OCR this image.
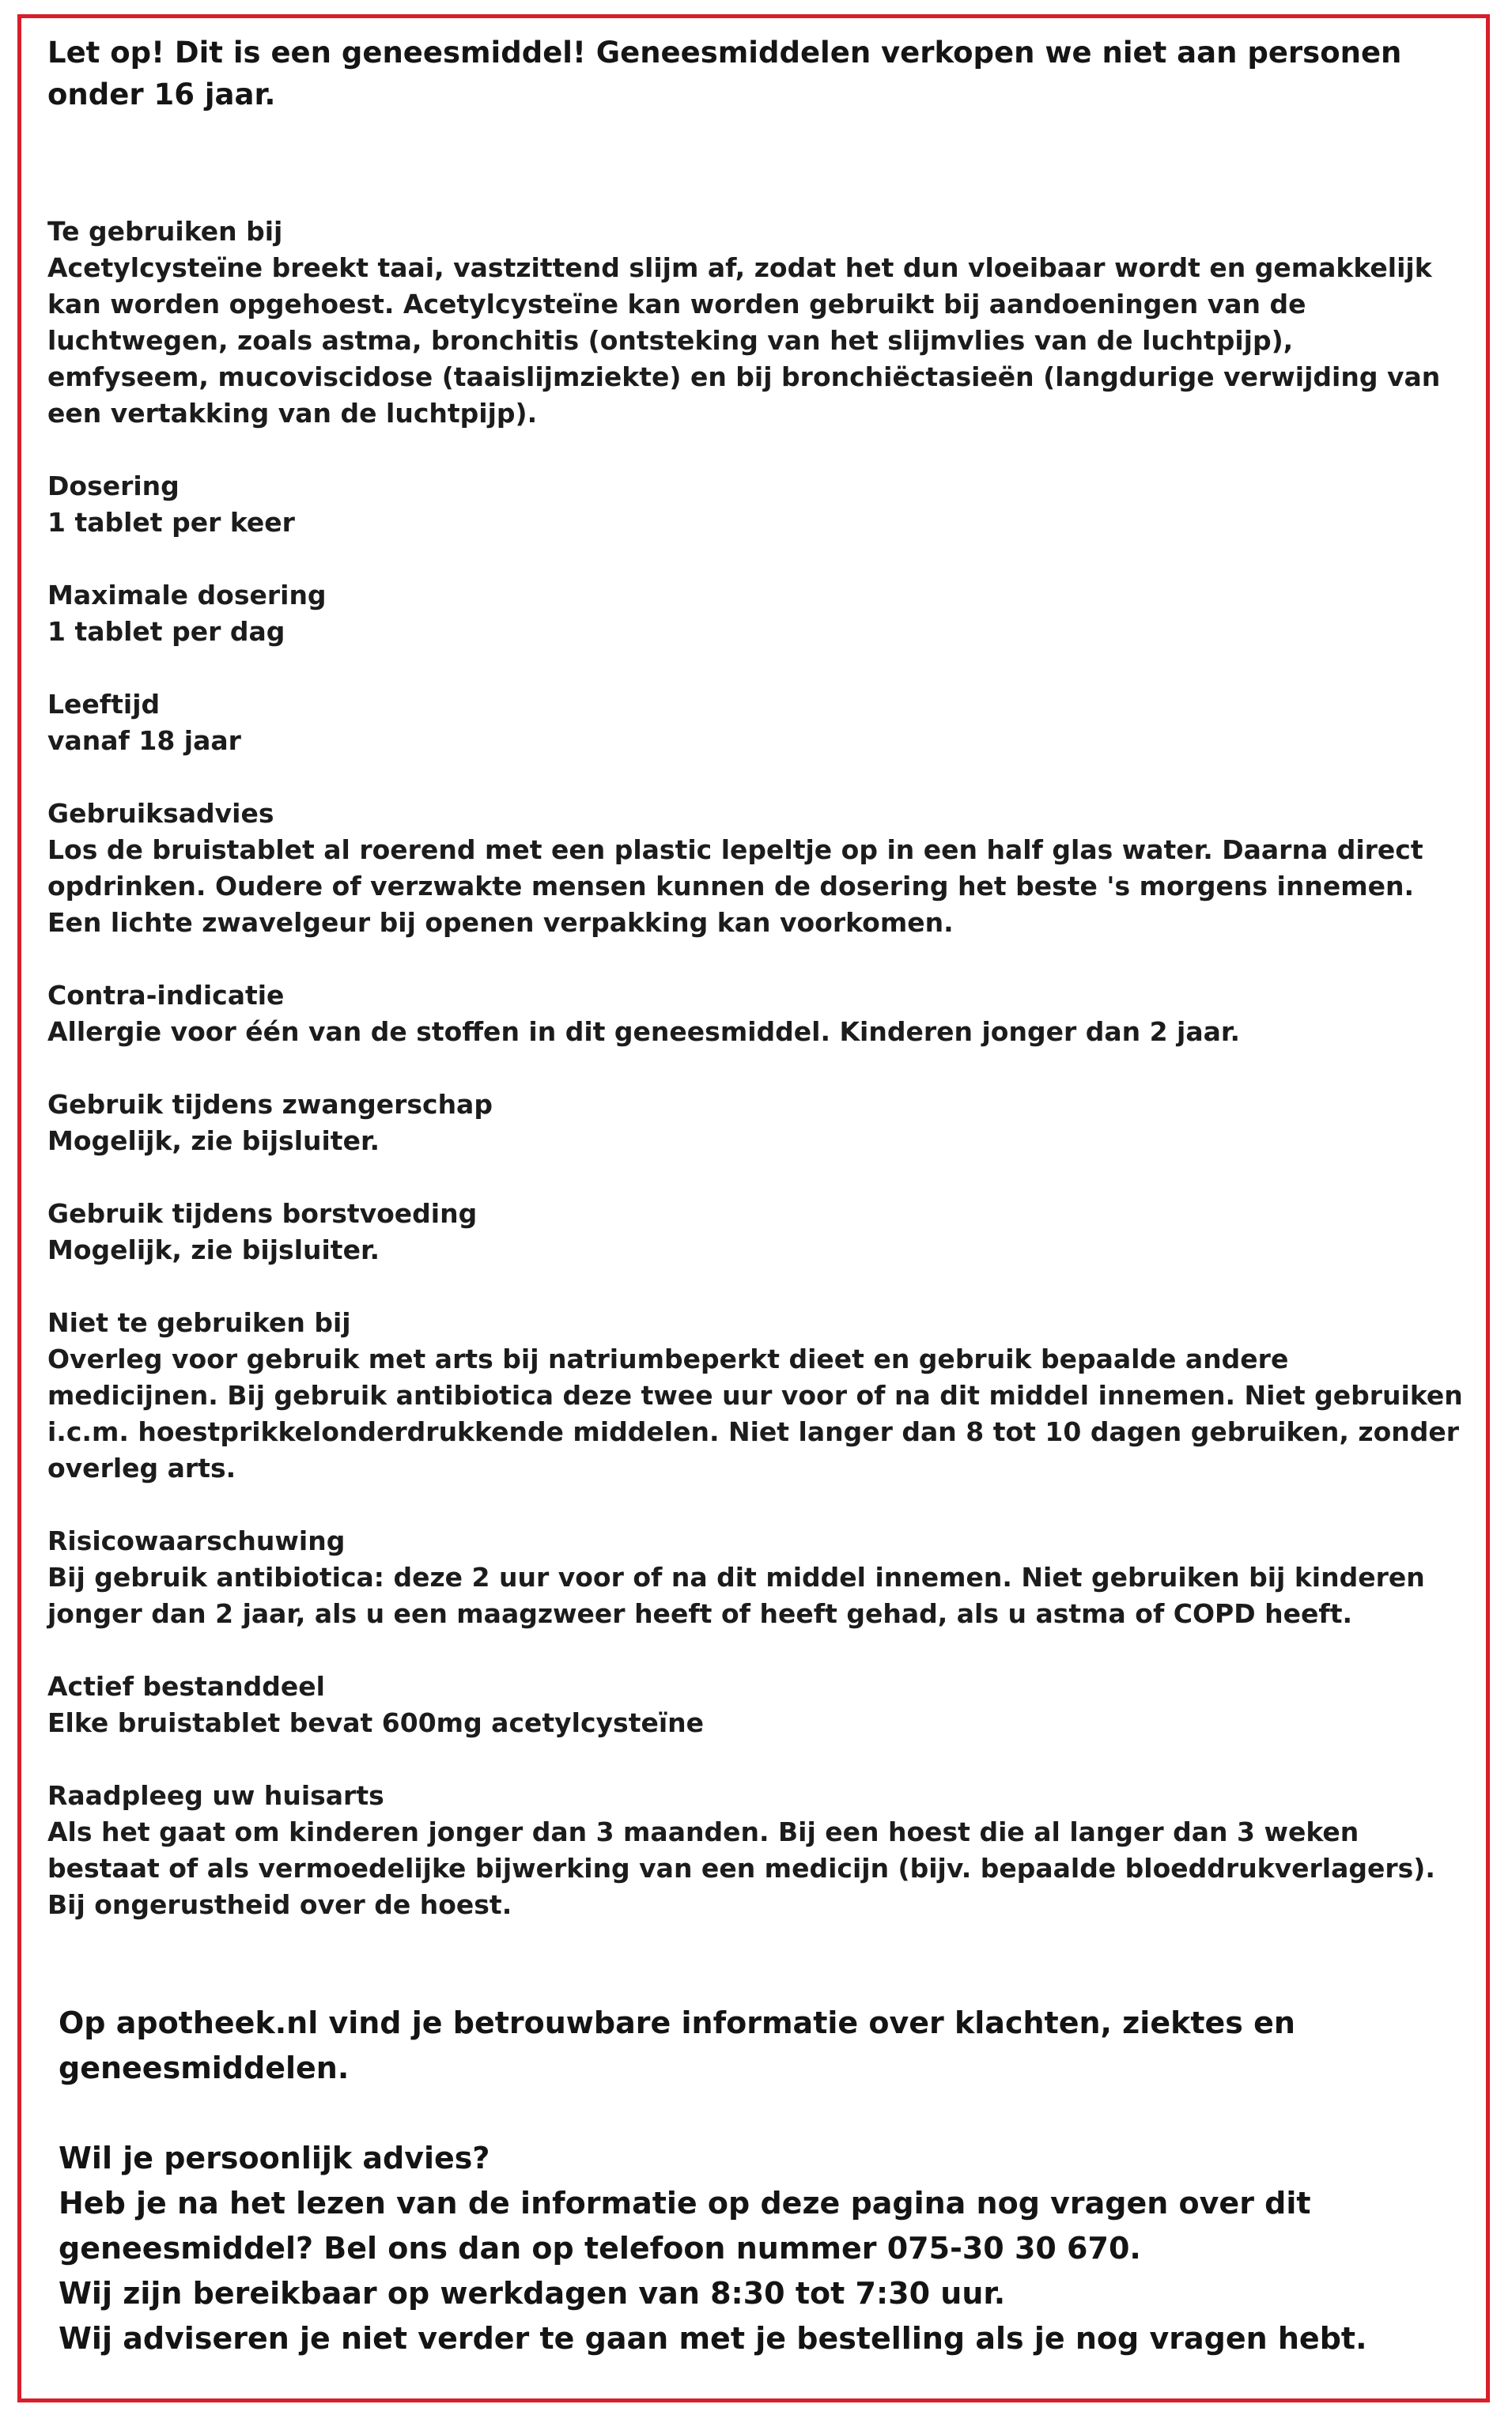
Let op! Dit is een geneesmiddel! Geneesmiddelen verkopen we niet aan personen onder 16 jaar.

Te gebruiken bij

Acetylcysteïne breekt taai, vastzittend slijm af, zodat het dun vloeibaar wordt en gemakkelijk kan worden opgehoest. Acetylcysteïne kan worden gebruikt bij aandoeningen van de luchtwegen, zoals astma, bronchitis (ontsteking van het slijmvlies van de luchtpijp), emfyseem, mucoviscidose (taaislijmziekte) en bij bronchiëctasieën (langdurige verwijding van een vertakking van de luchtpijp).

Dosering

1 tablet per keer

Maximale dosering

1 tablet per dag

Leeftijd

vanaf 18 jaar

Gebruiksadvies

Los de bruistablet al roerend met een plastic lepeltje op in een half glas water. Daarna direct opdrinken. Oudere of verzwakte mensen kunnen de dosering het beste 's morgens innemen. Een lichte zwavelgeur bij openen verpakking kan voorkomen.

Contra-indicatie

Allergie voor één van de stoffen in dit geneesmiddel. Kinderen jonger dan 2 jaar.

Gebruik tijdens zwangerschap

Mogelijk, zie bijsluiter.

Gebruik tijdens borstvoeding

Mogelijk, zie bijsluiter.

Niet te gebruiken bij

Overleg voor gebruik met arts bij natriumbeperkt dieet en gebruik bepaalde andere medicijnen. Bij gebruik antibiotica deze twee uur voor of na dit middel innemen. Niet gebruiken i.c.m. hoestprikkelonderdrukkende middelen. Niet langer dan 8 tot 10 dagen gebruiken, zonder overleg arts.

Risicowaarschuwing

Bij gebruik antibiotica: deze 2 uur voor of na dit middel innemen. Niet gebruiken bij kinderen jonger dan 2 jaar, als u een maagzweer heeft of heeft gehad, als u astma of COPD heeft.

Actief bestanddeel

Elke bruistablet bevat 600mg acetylcysteïne

Raadpleeg uw huisarts

Als het gaat om kinderen jonger dan 3 maanden. Bij een hoest die al langer dan 3 weken bestaat of als vermoedelijke bijwerking van een medicijn (bijv. bepaalde bloeddrukverlagers). Bij ongerustheid over de hoest.

Op apotheek.nl vind je betrouwbare informatie over klachten, ziektes en geneesmiddelen.

Wil je persoonlijk advies?

Heb je na het lezen van de informatie op deze pagina nog vragen over dit geneesmiddel? Bel ons dan op telefoon nummer 075-30 30 670.

Wij zijn bereikbaar op werkdagen van 8:30 tot 7:30 uur.

Wij adviseren je niet verder te gaan met je bestelling als je nog vragen hebt.
